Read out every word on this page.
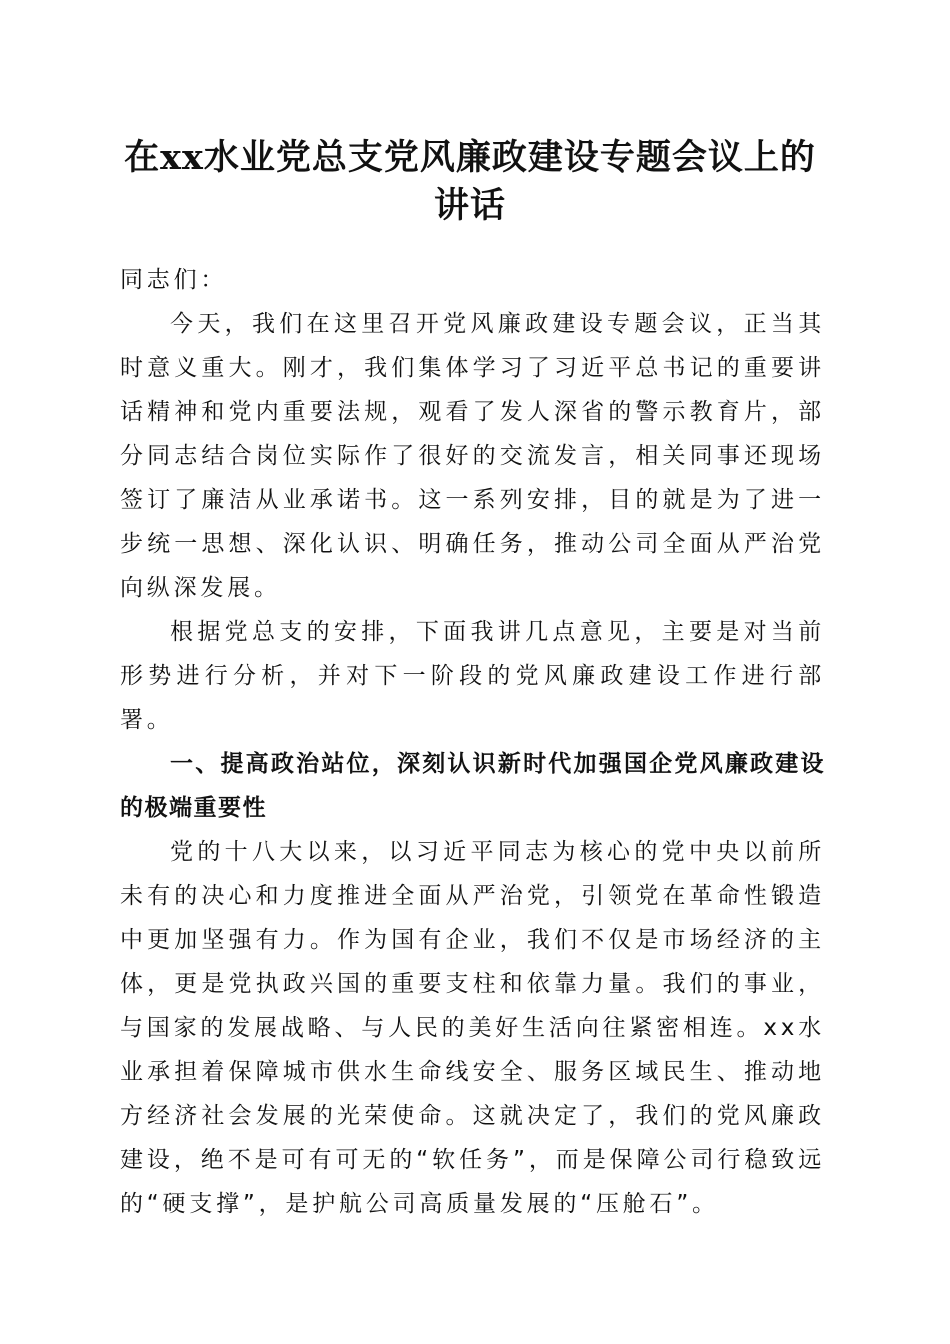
在xx水业党总支党风廉政建设专题会议上的
讲话

同志们：

今天，我们在这里召开党风廉政建设专题会议，正当其时意义重大。刚才，我们集体学习了习近平总书记的重要讲话精神和党内重要法规，观看了发人深省的警示教育片，部分同志结合岗位实际作了很好的交流发言，相关同事还现场签订了廉洁从业承诺书。这一系列安排，目的就是为了进一步统一思想、深化认识、明确任务，推动公司全面从严治党向纵深发展。

根据党总支的安排，下面我讲几点意见，主要是对当前形势进行分析，并对下一阶段的党风廉政建设工作进行部署。

一、提高政治站位，深刻认识新时代加强国企党风廉政建设的极端重要性

党的十八大以来，以习近平同志为核心的党中央以前所未有的决心和力度推进全面从严治党，引领党在革命性锻造中更加坚强有力。作为国有企业，我们不仅是市场经济的主体，更是党执政兴国的重要支柱和依靠力量。我们的事业，与国家的发展战略、与人民的美好生活向往紧密相连。xx水业承担着保障城市供水生命线安全、服务区域民生、推动地方经济社会发展的光荣使命。这就决定了，我们的党风廉政建设，绝不是可有可无的“软任务”，而是保障公司行稳致远的“硬支撑”，是护航公司高质量发展的“压舱石”。
